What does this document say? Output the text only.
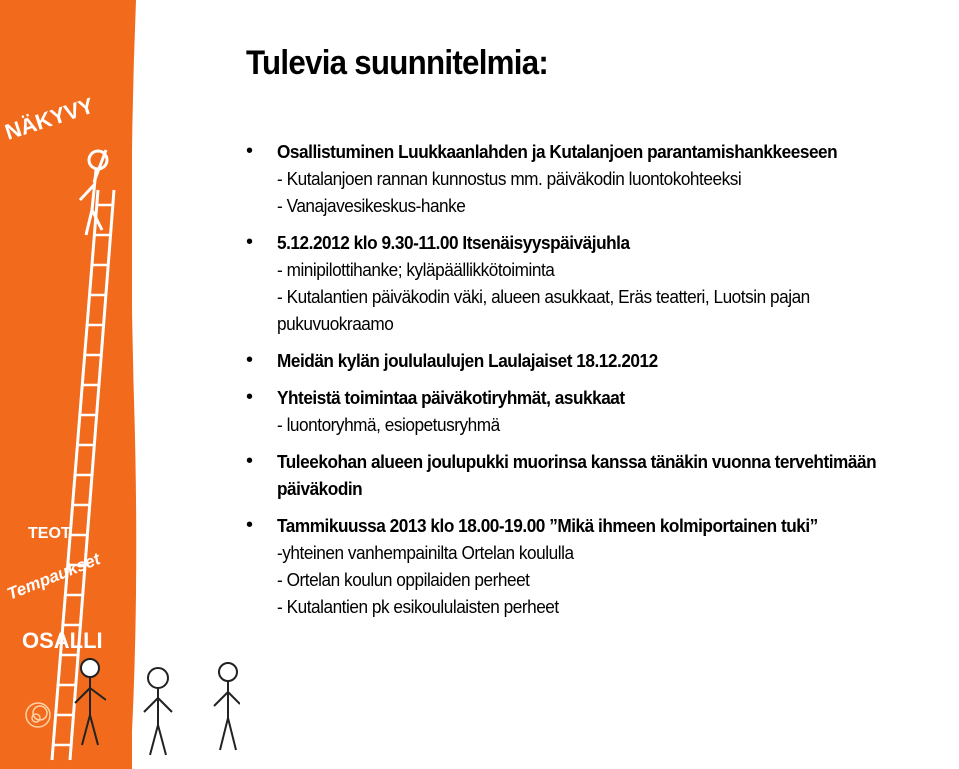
NÄKYVY
TEOT
Tempaukset
OSALLI
Tulevia suunnitelmia:
• Osallistuminen Luukkaanlahden ja Kutalanjoen parantamishankkeeseen
- Kutalanjoen rannan kunnostus mm. päiväkodin luontokohteeksi
- Vanajavesikeskus-hanke
• 5.12.2012 klo 9.30-11.00 Itsenäisyyspäiväjuhla
- minipilottihanke; kyläpäällikkötoiminta
- Kutalantien päiväkodin väki, alueen asukkaat, Eräs teatteri, Luotsin pajan
pukuvuokraamo
• Meidän kylän joululaulujen Laulajaiset 18.12.2012
• Yhteistä toimintaa päiväkotiryhmät, asukkaat
- luontoryhmä, esiopetusryhmä
• Tuleekohan alueen joulupukki muorinsa kanssa tänäkin vuonna tervehtimään
päiväkodin
• Tammikuussa 2013 klo 18.00-19.00 ”Mikä ihmeen kolmiportainen tuki”
-yhteinen vanhempainilta Ortelan koululla
- Ortelan koulun oppilaiden perheet
- Kutalantien pk esikoululaisten perheet
